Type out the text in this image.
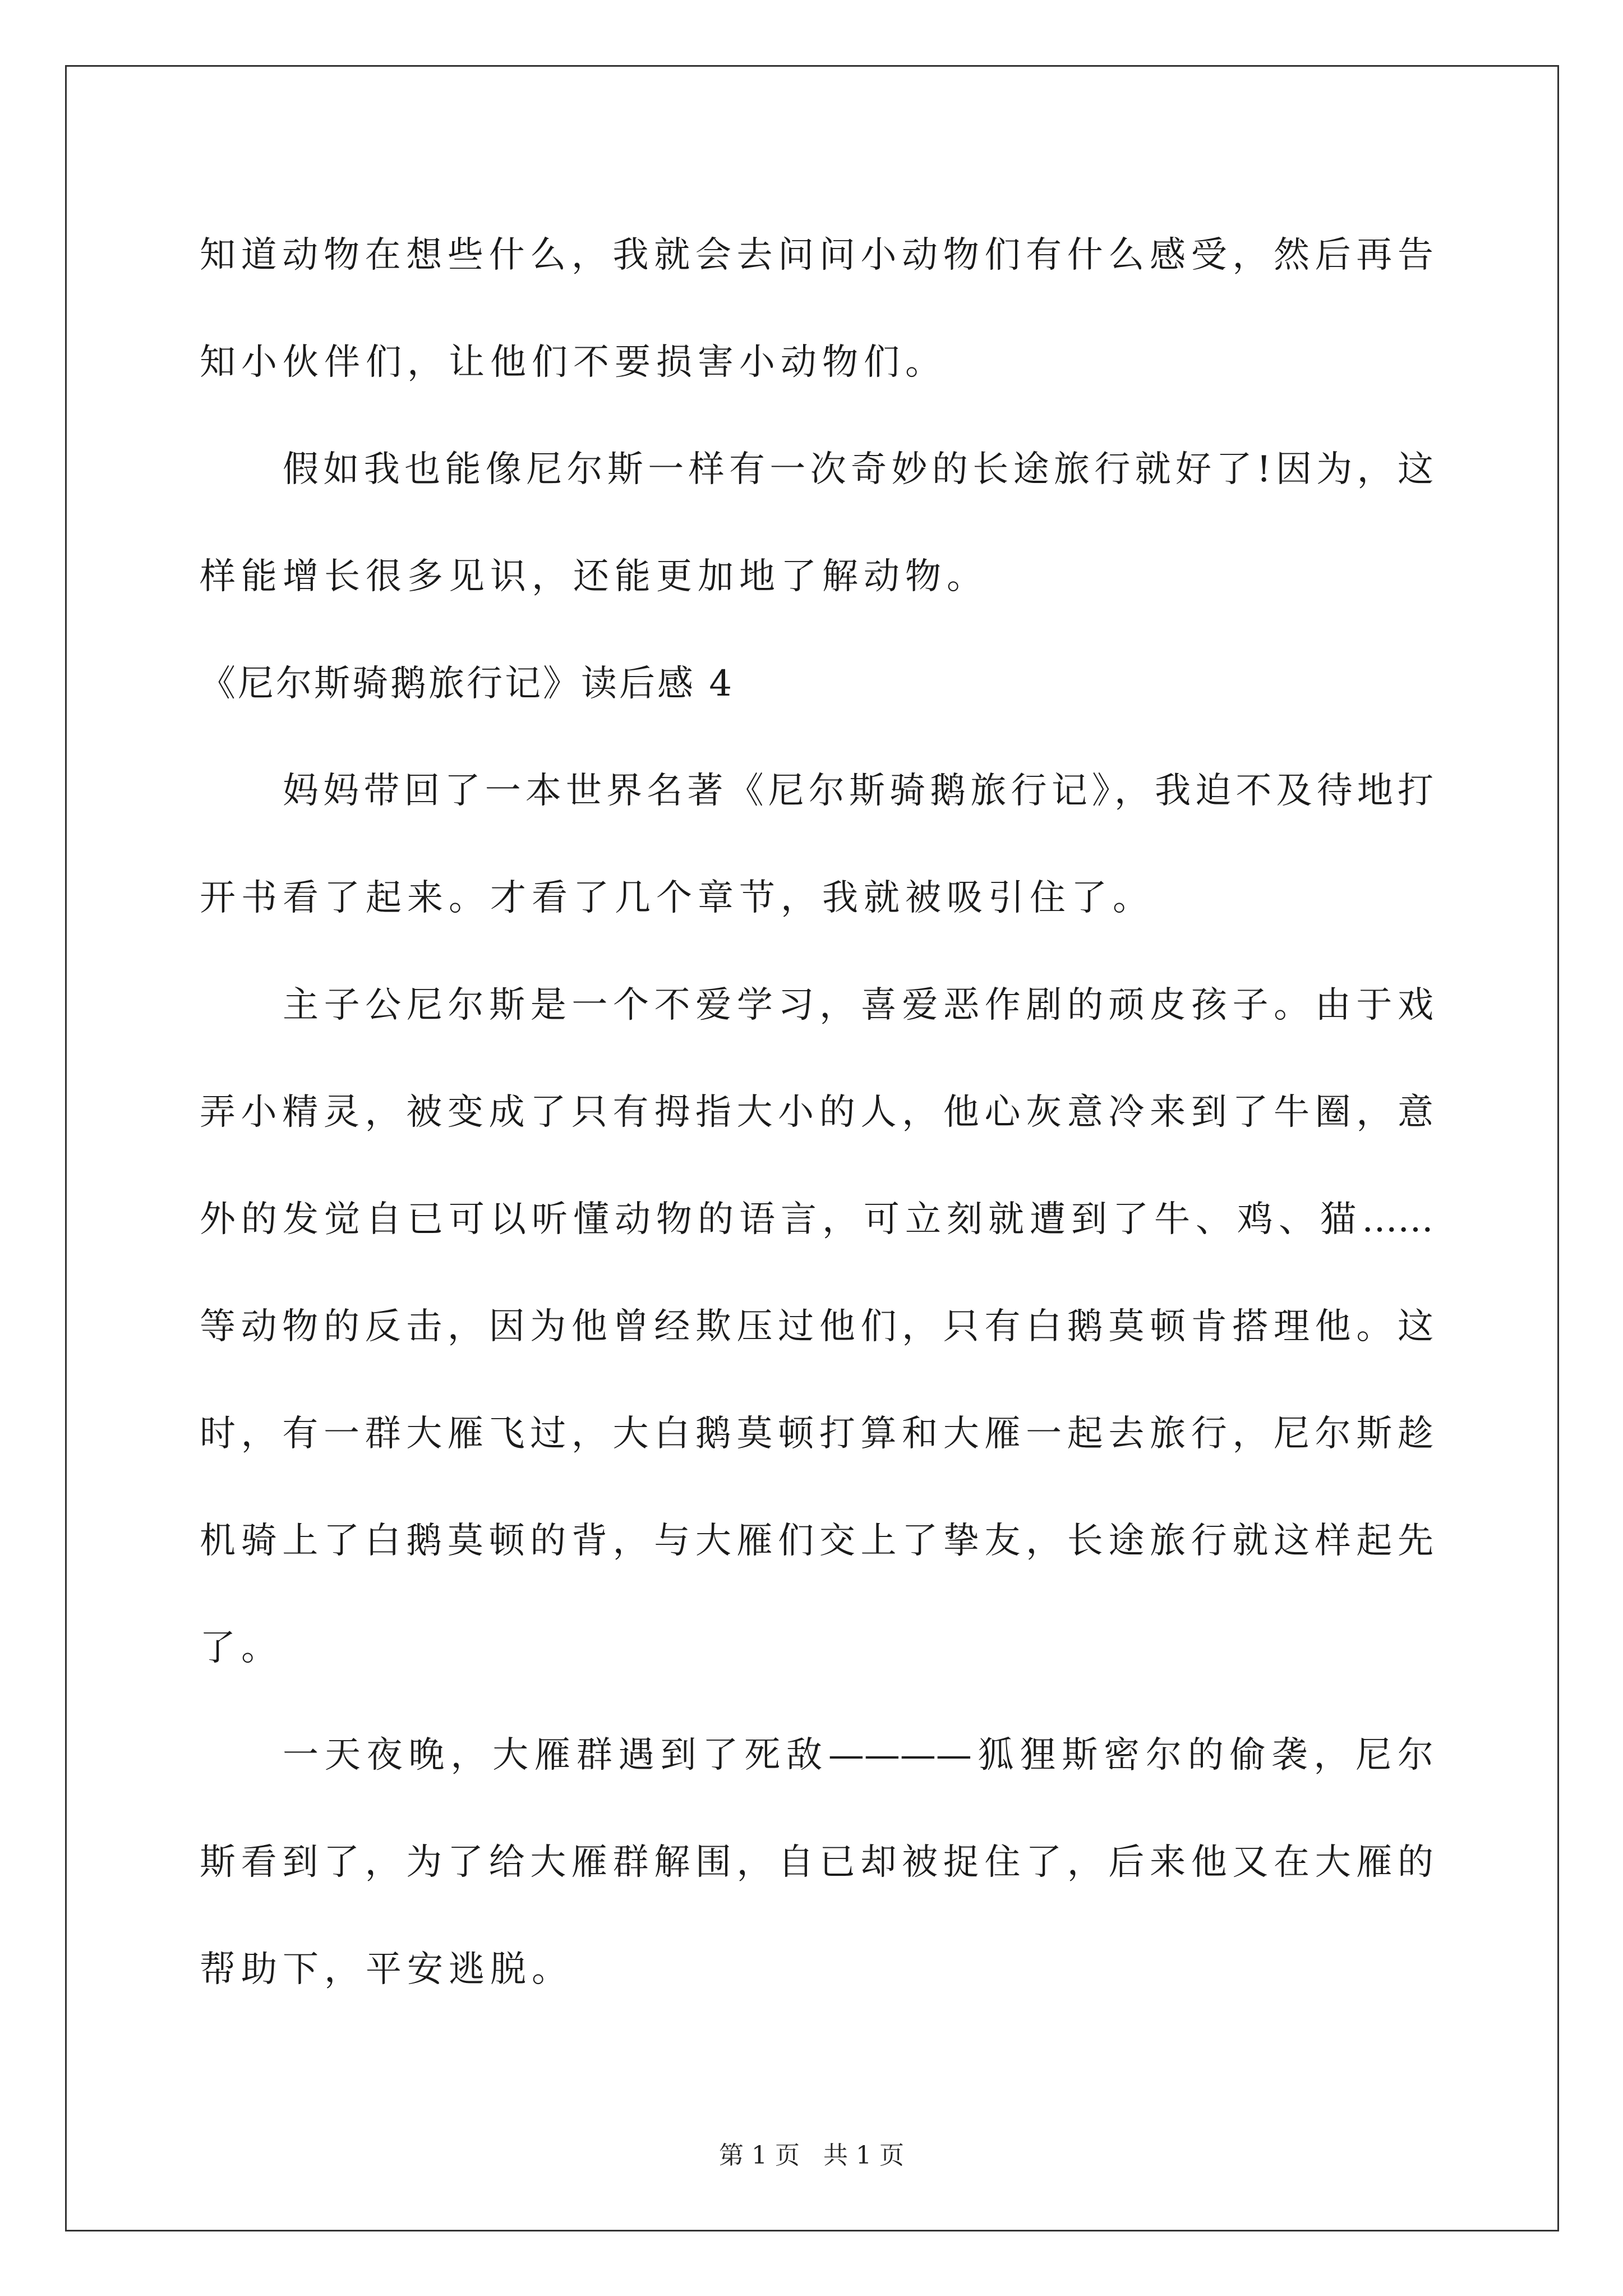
知道动物在想些什么，我就会去问问小动物们有什么感受，然后再告
知小伙伴们，让他们不要损害小动物们。
假如我也能像尼尔斯一样有一次奇妙的长途旅行就好了!因为，这
样能增长很多见识，还能更加地了解动物。
《尼尔斯骑鹅旅行记》读后感 4
妈妈带回了一本世界名著《尼尔斯骑鹅旅行记》，我迫不及待地打
开书看了起来。才看了几个章节，我就被吸引住了。
主子公尼尔斯是一个不爱学习，喜爱恶作剧的顽皮孩子。由于戏
弄小精灵，被变成了只有拇指大小的人，他心灰意冷来到了牛圈，意
外的发觉自已可以听懂动物的语言，可立刻就遭到了牛、鸡、猫……
等动物的反击，因为他曾经欺压过他们，只有白鹅莫顿肯搭理他。这
时，有一群大雁飞过，大白鹅莫顿打算和大雁一起去旅行，尼尔斯趁
机骑上了白鹅莫顿的背，与大雁们交上了挚友，长途旅行就这样起先
了。
一天夜晚，大雁群遇到了死敌————狐狸斯密尔的偷袭，尼尔
斯看到了，为了给大雁群解围，自已却被捉住了，后来他又在大雁的
帮助下，平安逃脱。
第 1 页   共 1 页
